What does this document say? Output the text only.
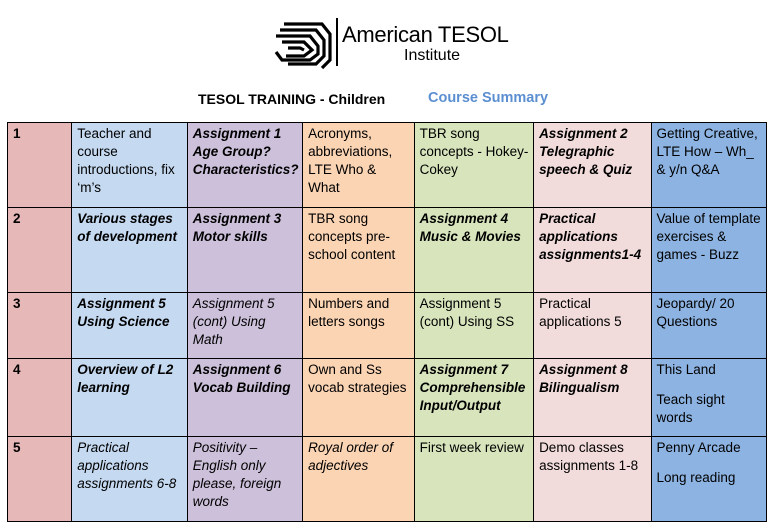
American TESOL
Institute
TESOL TRAINING - Children	Course Summary
1	Teacher and course introductions, fix ‘m’s	Assignment 1 Age Group? Characteristics?	Acronyms, abbreviations, LTE Who & What	TBR song concepts - Hokey-Cokey	Assignment 2 Telegraphic speech & Quiz	Getting Creative, LTE How – Wh_ & y/n Q&A
2	Various stages of development	Assignment 3 Motor skills	TBR song concepts pre-school content	Assignment 4 Music & Movies	Practical applications assignments1-4	Value of template exercises & games - Buzz
3	Assignment 5 Using Science	Assignment 5 (cont) Using Math	Numbers and letters songs	Assignment 5 (cont) Using SS	Practical applications 5	Jeopardy/ 20 Questions
4	Overview of L2 learning	Assignment 6 Vocab Building	Own and Ss vocab strategies	Assignment 7 Comprehensible Input/Output	Assignment 8 Bilingualism	This Land
Teach sight words
5	Practical applications assignments 6-8	Positivity – English only please, foreign words	Royal order of adjectives	First week review	Demo classes assignments 1-8	Penny Arcade
Long reading
